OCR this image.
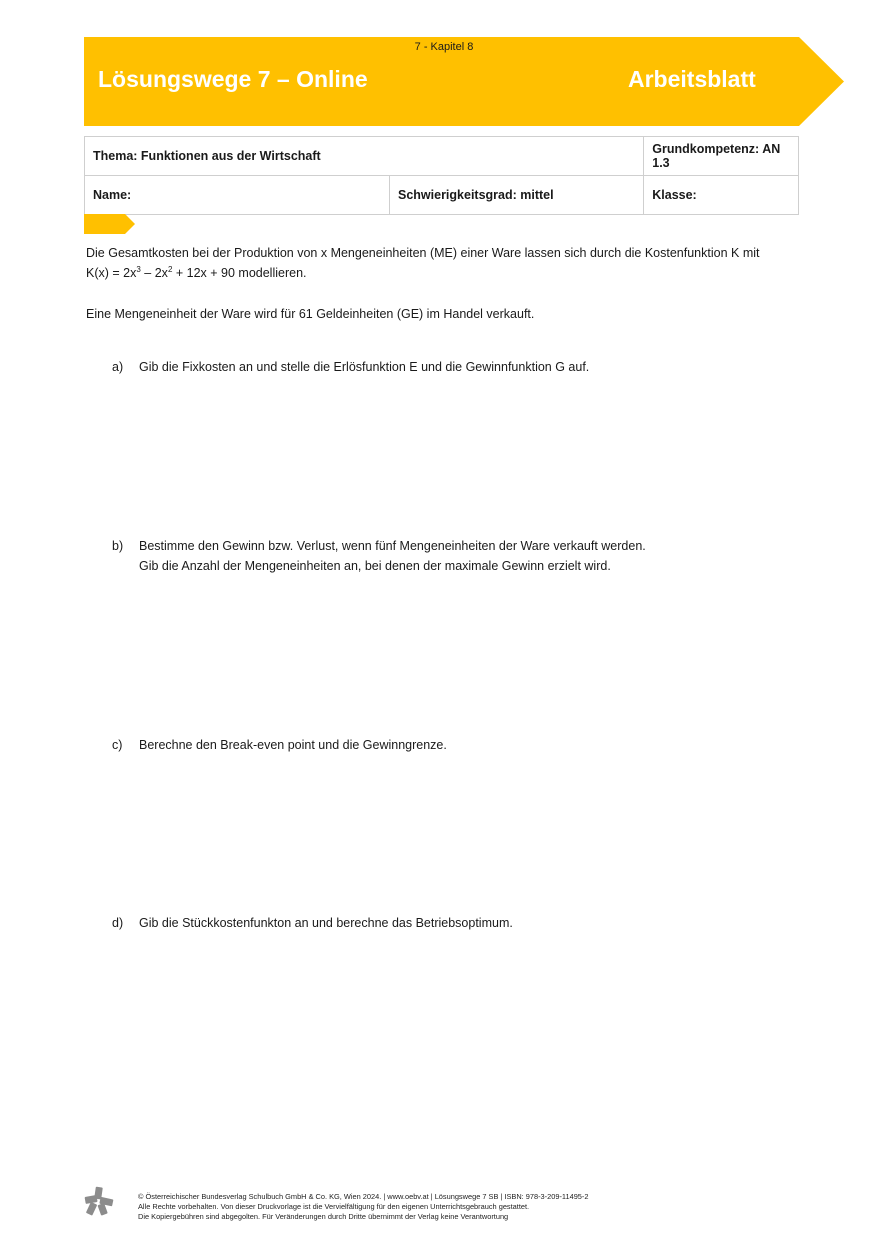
7 - Kapitel 8
Lösungswege 7 – Online	Arbeitsblatt
Thema: Funktionen aus der Wirtschaft		Grundkompetenz: AN 1.3
Name:	Schwierigkeitsgrad: mittel	Klasse:

Die Gesamtkosten bei der Produktion von x Mengeneinheiten (ME) einer Ware lassen sich durch die Kostenfunktion K mit

$K(x) = 2x^3 - 2x^2 + 12x + 90$ modellieren.

Eine Mengeneinheit der Ware wird für 61 Geldeinheiten (GE) im Handel verkauft.

a) Gib die Fixkosten an und stelle die Erlösfunktion E und die Gewinnfunktion G auf.
b) Bestimme den Gewinn bzw. Verlust, wenn fünf Mengeneinheiten der Ware verkauft werden.
Gib die Anzahl der Mengeneinheiten an, bei denen der maximale Gewinn erzielt wird.
c) Berechne den Break-even point und die Gewinngrenze.
d) Gib die Stückkostenfunkton an und berechne das Betriebsoptimum.
© Österreichischer Bundesverlag Schulbuch GmbH & Co. KG, Wien 2024. | www.oebv.at | Lösungswege 7 SB | ISBN: 978-3-209-11495-2
Alle Rechte vorbehalten. Von dieser Druckvorlage ist die Vervielfältigung für den eigenen Unterrichtsgebrauch gestattet.
Die Kopiergebühren sind abgegolten. Für Veränderungen durch Dritte übernimmt der Verlag keine Verantwortung
